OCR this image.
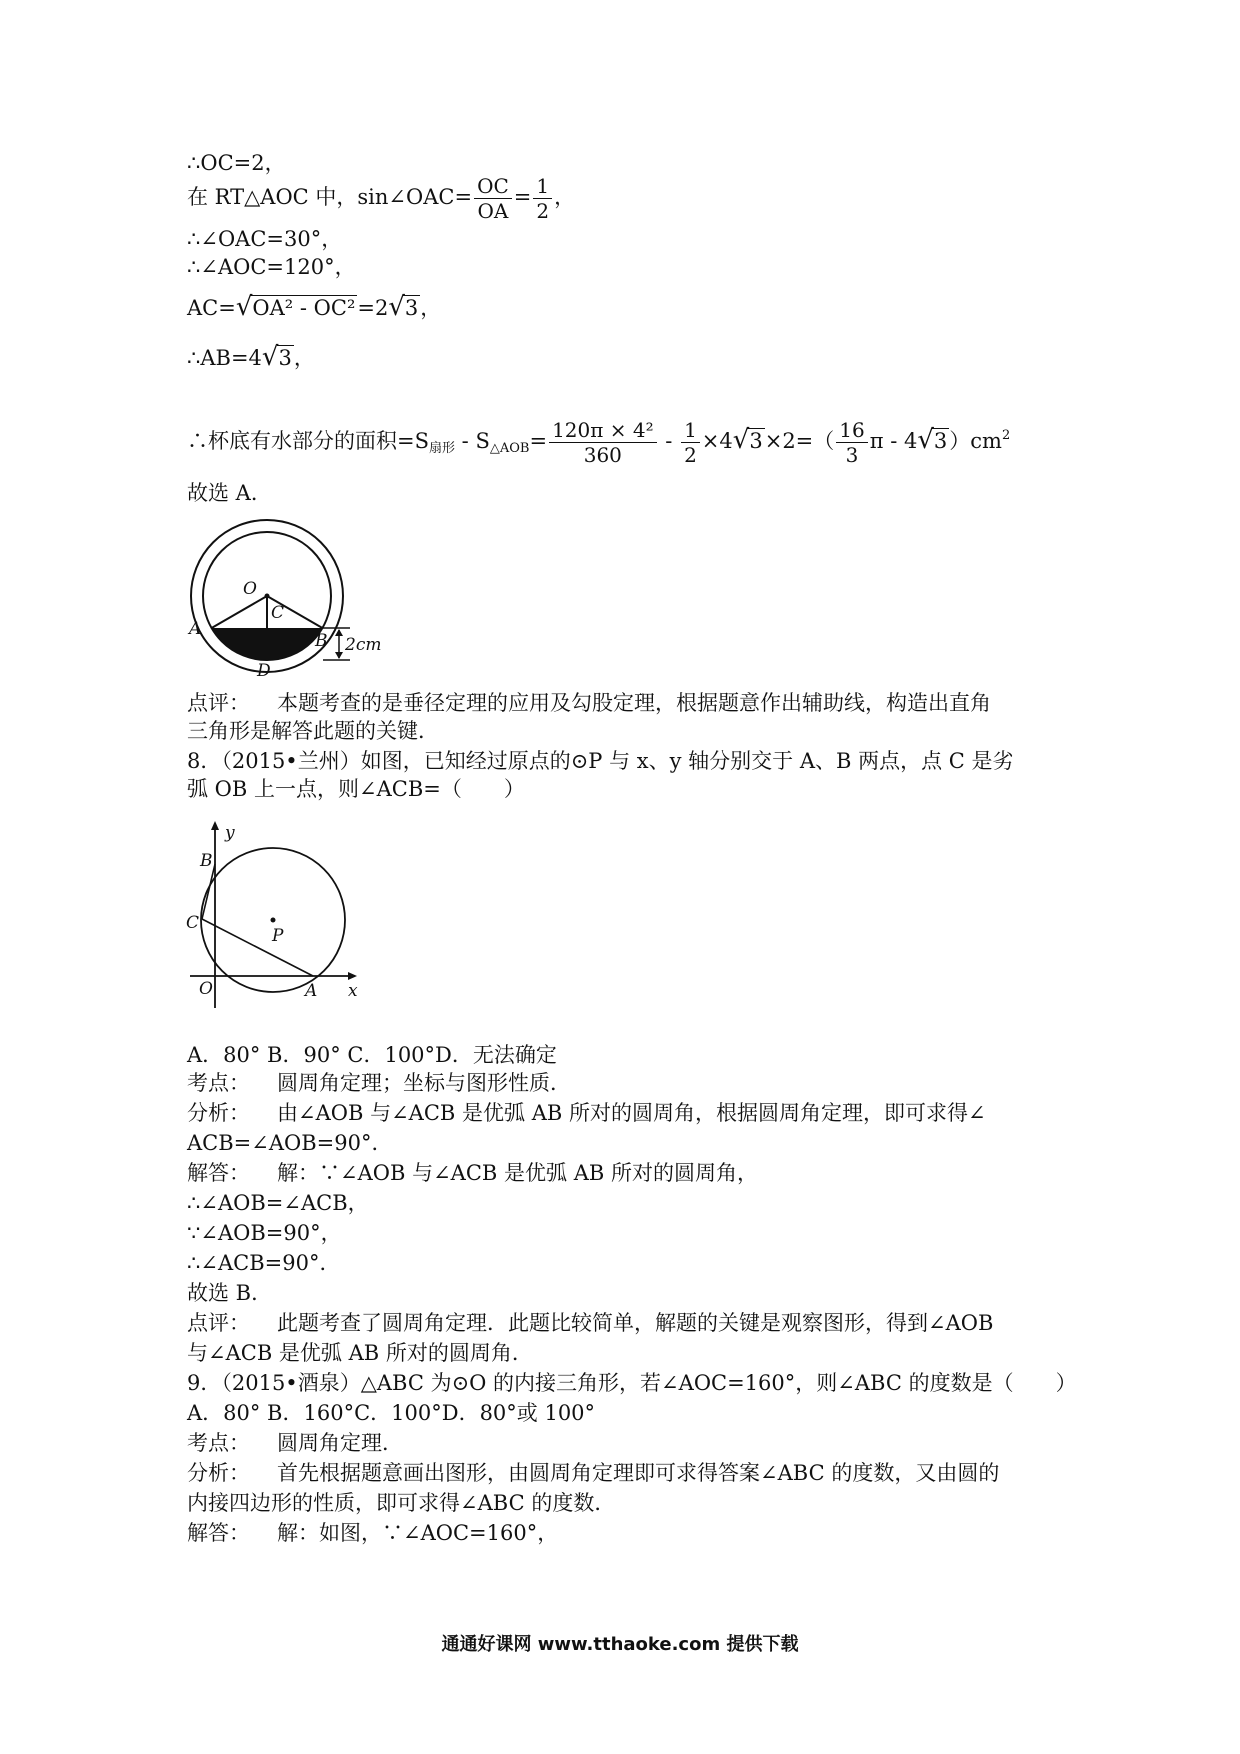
∴OC=2，
在 RT△AOC 中，sin∠OAC= $\frac{OC}{OA} = \frac{1}{2}$ ，
∴∠OAC=30°，
∴∠AOC=120°，
AC=√OA² - OC²=2√3，
∴AB=4√3，
∴杯底有水部分的面积$=S_{扇形} - S_{\triangle AOB}= \frac{\text{120π × 4²}}{360} - \frac{1}{2} \times 4√3\times 2=( \frac{16}{3}$ π - $4√3)cm^2$
故选 A．
O
C
A
B
D
2cm
点评： 本题考查的是垂径定理的应用及勾股定理，根据题意作出辅助线，构造出直角
三角形是解答此题的关键．
8．（2015•兰州）如图，已知经过原点的⊙P 与 x、y 轴分别交于 A、B 两点，点 C 是劣
弧 OB 上一点，则∠ACB=（　　）
y
B
C
P
O	A x
A．80° B．90° C．100°D．无法确定
考点： 圆周角定理；坐标与图形性质．
分析： 由∠AOB 与∠ACB 是优弧 AB 所对的圆周角，根据圆周角定理，即可求得∠
ACB=∠AOB=90°．
解答： 解：∵∠AOB 与∠ACB 是优弧 AB 所对的圆周角，
∴∠AOB=∠ACB，
∵∠AOB=90°，
∴∠ACB=90°．
故选 B．
点评： 此题考查了圆周角定理．此题比较简单，解题的关键是观察图形，得到∠AOB
与∠ACB 是优弧 AB 所对的圆周角．
9．（2015•酒泉）△ABC 为⊙O 的内接三角形，若∠AOC=160°，则∠ABC 的度数是（　　）
A．80° B．160°C．100°D．80°或 100°
考点： 圆周角定理．
分析： 首先根据题意画出图形，由圆周角定理即可求得答案∠ABC 的度数，又由圆的
内接四边形的性质，即可求得∠ABC 的度数．
解答： 解：如图，∵∠AOC=160°，
通通好课网 www.tthaoke.com 提供下载
